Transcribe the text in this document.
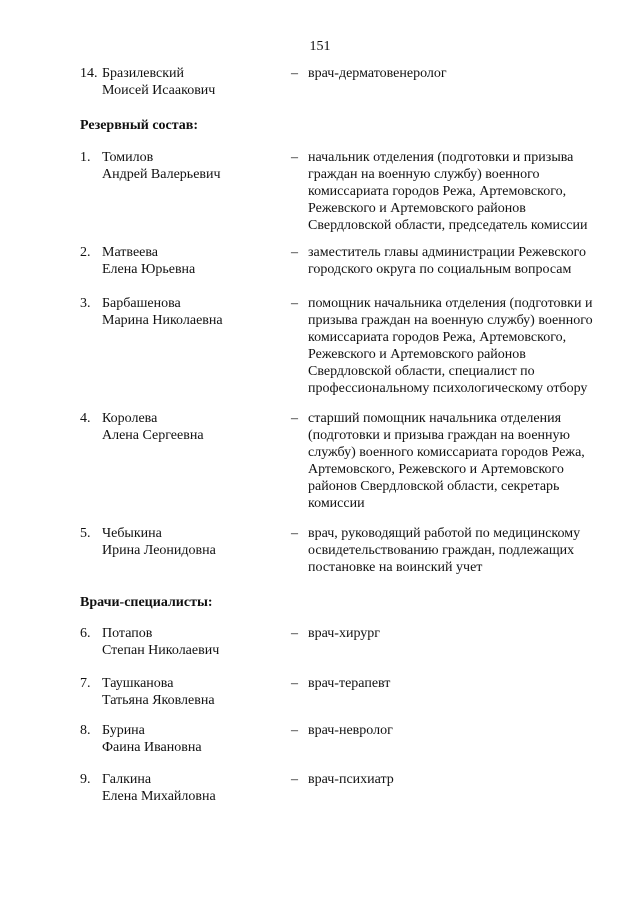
151
14. Бразилевский
Моисей Исаакович
– врач-дерматовенеролог
Резервный состав:
1. Томилов
Андрей Валерьевич
– начальник отделения (подготовки и призыва
граждан на военную службу) военного
комиссариата городов Режа, Артемовского,
Режевского и Артемовского районов
Свердловской области, председатель комиссии
2. Матвеева
Елена Юрьевна
– заместитель главы администрации Режевского
городского округа по социальным вопросам
3. Барбашенова
Марина Николаевна
– помощник начальника отделения (подготовки и
призыва граждан на военную службу) военного
комиссариата городов Режа, Артемовского,
Режевского и Артемовского районов
Свердловской области, специалист по
профессиональному психологическому отбору
4. Королева
Алена Сергеевна
– старший помощник начальника отделения
(подготовки и призыва граждан на военную
службу) военного комиссариата городов Режа,
Артемовского, Режевского и Артемовского
районов Свердловской области, секретарь
комиссии
5. Чебыкина
Ирина Леонидовна
– врач, руководящий работой по медицинскому
освидетельствованию граждан, подлежащих
постановке на воинский учет
Врачи-специалисты:
6. Потапов
Степан Николаевич
– врач-хирург
7. Таушканова
Татьяна Яковлевна
– врач-терапевт
8. Бурина
Фаина Ивановна
– врач-невролог
9. Галкина
Елена Михайловна
– врач-психиатр
